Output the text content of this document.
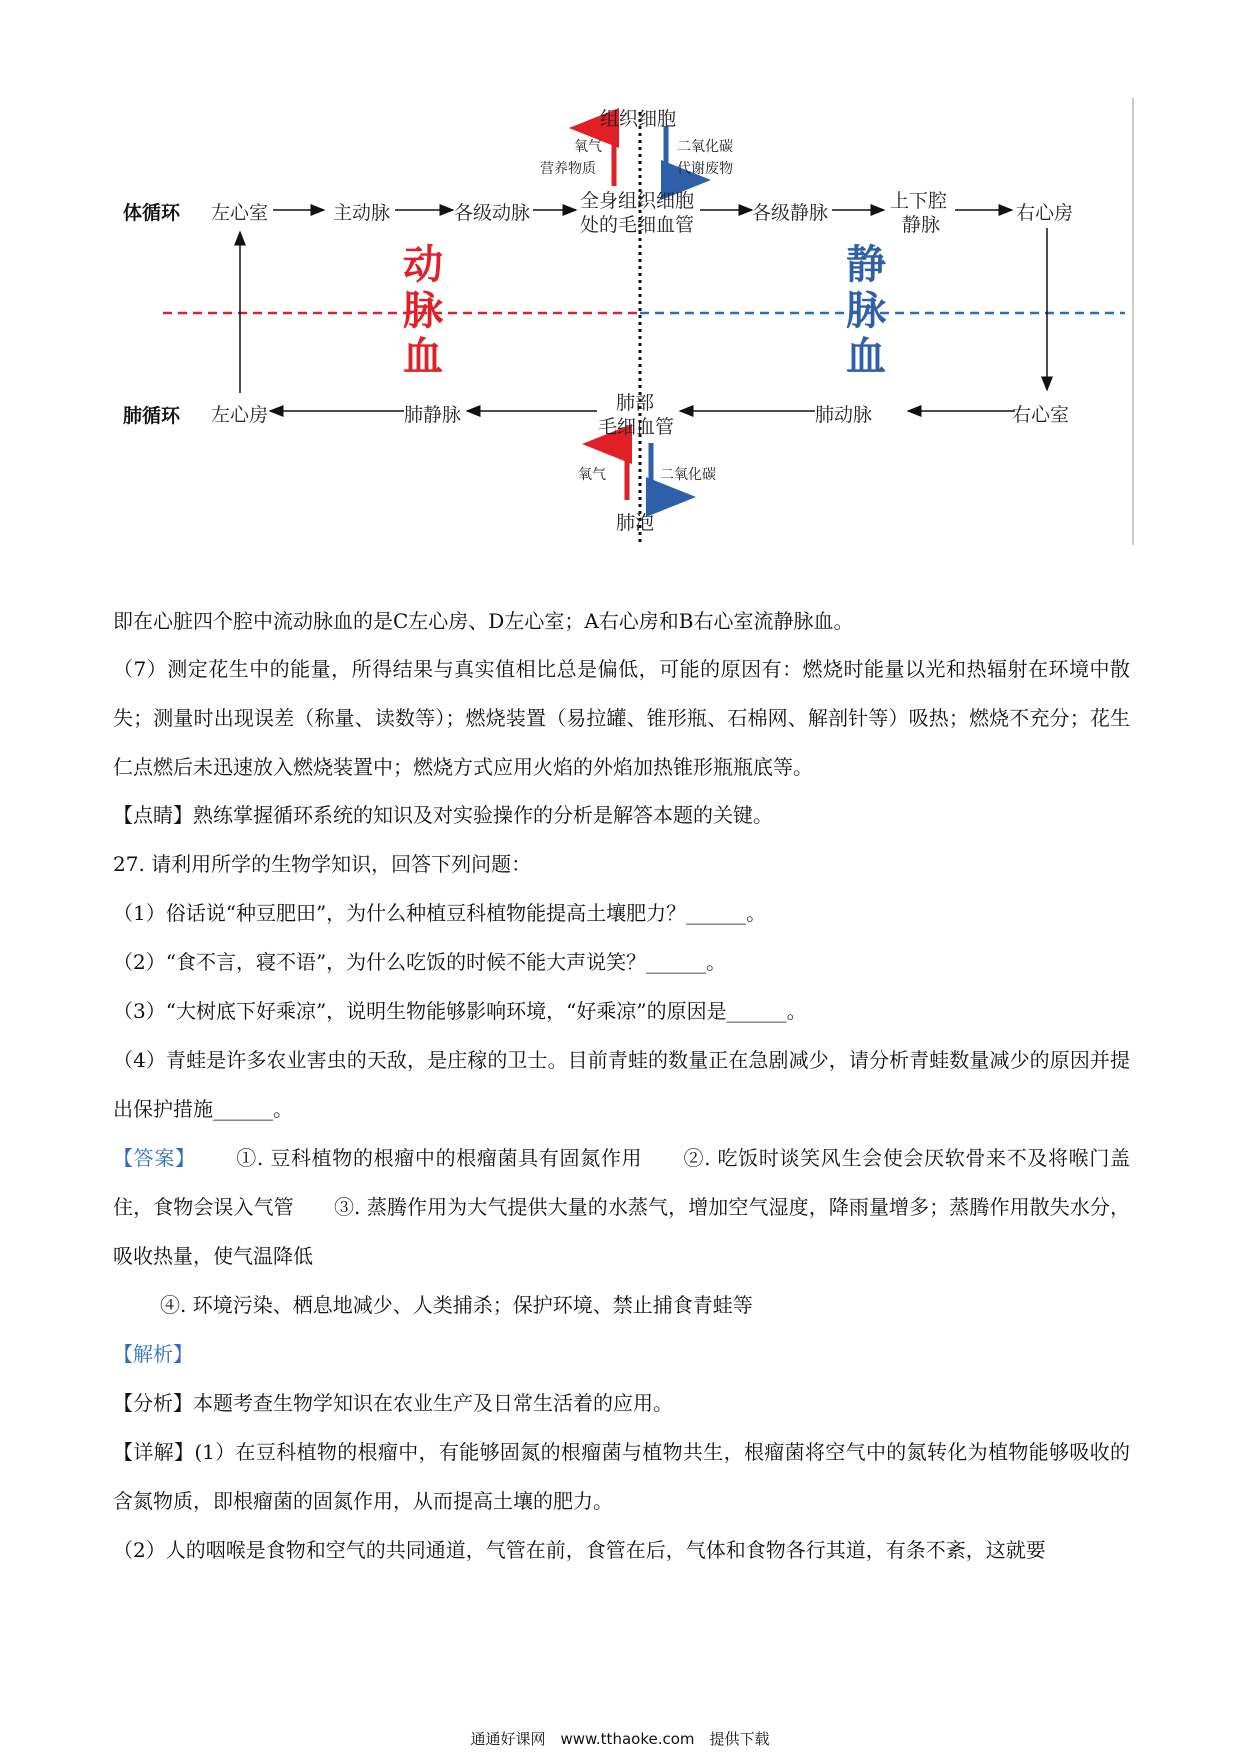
体循环
肺循环
组织细胞
氧气
营养物质
二氧化碳
代谢废物
左心室	主动脉	各级动脉
全身组织细胞
处的毛细血管
各级静脉
上下腔
静脉
右心房
动
脉
血
静
脉
血
左心房	肺静脉
肺部
毛细血管
肺动脉	右心室
氧气	二氧化碳
肺泡
即在心脏四个腔中流动脉血的是C左心房、D左心室；A右心房和B右心室流静脉血。
（7）测定花生中的能量，所得结果与真实值相比总是偏低，可能的原因有：燃烧时能量以光和热辐射在环境中散失；测量时出现误差（称量、读数等）；燃烧装置（易拉罐、锥形瓶、石棉网、解剖针等）吸热；燃烧不充分；花生仁点燃后未迅速放入燃烧装置中；燃烧方式应用火焰的外焰加热锥形瓶瓶底等。
【点睛】熟练掌握循环系统的知识及对实验操作的分析是解答本题的关键。
27. 请利用所学的生物学知识，回答下列问题：
（1）俗话说“种豆肥田”，为什么种植豆科植物能提高土壤肥力？______。
（2）“食不言，寝不语”，为什么吃饭的时候不能大声说笑？______。
（3）“大树底下好乘凉”，说明生物能够影响环境，“好乘凉”的原因是______。
（4）青蛙是许多农业害虫的天敌，是庄稼的卫士。目前青蛙的数量正在急剧减少，请分析青蛙数量减少的原因并提出保护措施______。
【答案】 ①. 豆科植物的根瘤中的根瘤菌具有固氮作用　　②. 吃饭时谈笑风生会使会厌软骨来不及将喉门盖住，食物会误入气管　　③. 蒸腾作用为大气提供大量的水蒸气，增加空气湿度，降雨量增多；蒸腾作用散失水分，吸收热量，使气温降低
④. 环境污染、栖息地减少、人类捕杀；保护环境、禁止捕食青蛙等
【解析】
【分析】本题考查生物学知识在农业生产及日常生活着的应用。
【详解】(1）在豆科植物的根瘤中，有能够固氮的根瘤菌与植物共生，根瘤菌将空气中的氮转化为植物能够吸收的含氮物质，即根瘤菌的固氮作用，从而提高土壤的肥力。
（2）人的咽喉是食物和空气的共同通道，气管在前，食管在后，气体和食物各行其道，有条不紊，这就要
通通好课网　www.tthaoke.com　提供下载
